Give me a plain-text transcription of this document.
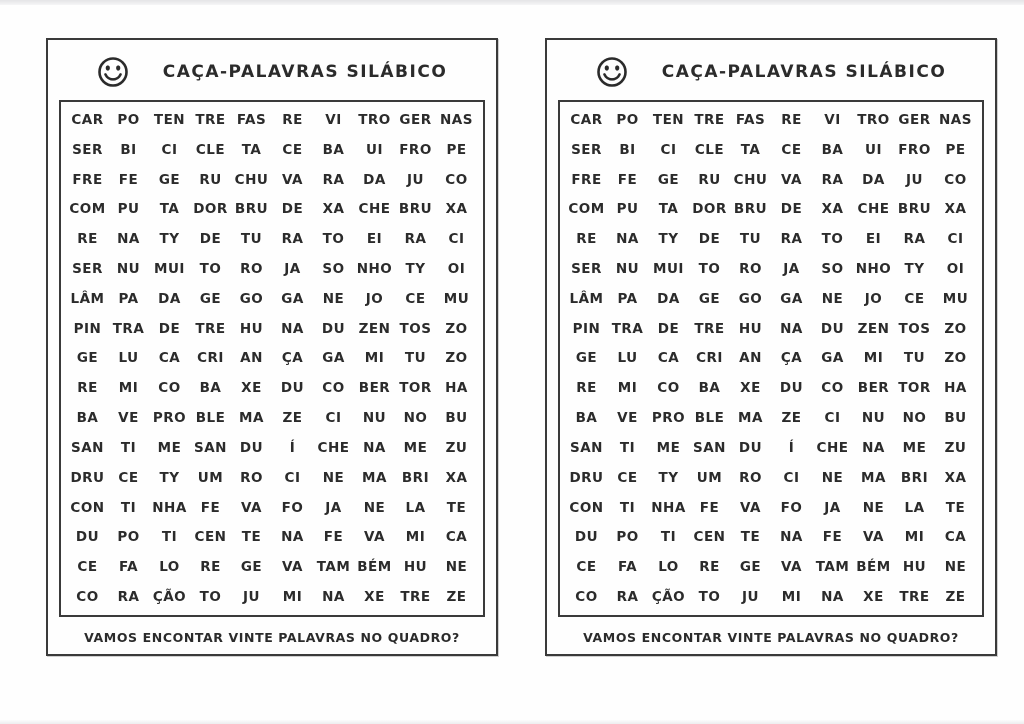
CAÇA-PALAVRAS SILÁBICO
CAR PO TEN TRE FAS RE VI TRO GER NAS
SER BI CI CLE TA CE BA UI FRO PE
FRE FE GE RU CHU VA RA DA JU CO
COM PU TA DOR BRU DE XA CHE BRU XA
RE NA TY DE TU RA TO EI RA CI
SER NU MUI TO RO JA SO NHO TY OI
LÂM PA DA GE GO GA NE JO CE MU
PIN TRA DE TRE HU NA DU ZEN TOS ZO
GE LU CA CRI AN ÇA GA MI TU ZO
RE MI CO BA XE DU CO BER TOR HA
BA VE PRO BLE MA ZE CI NU NO BU
SAN TI ME SAN DU Í CHE NA ME ZU
DRU CE TY UM RO CI NE MA BRI XA
CON TI NHA FE VA FO JA NE LA TE
DU PO TI CEN TE NA FE VA MI CA
CE FA LO RE GE VA TAM BÉM HU NE
CO RA ÇÃO TO JU MI NA XE TRE ZE
VAMOS ENCONTAR VINTE PALAVRAS NO QUADRO?
CAÇA-PALAVRAS SILÁBICO
CAR PO TEN TRE FAS RE VI TRO GER NAS
SER BI CI CLE TA CE BA UI FRO PE
FRE FE GE RU CHU VA RA DA JU CO
COM PU TA DOR BRU DE XA CHE BRU XA
RE NA TY DE TU RA TO EI RA CI
SER NU MUI TO RO JA SO NHO TY OI
LÂM PA DA GE GO GA NE JO CE MU
PIN TRA DE TRE HU NA DU ZEN TOS ZO
GE LU CA CRI AN ÇA GA MI TU ZO
RE MI CO BA XE DU CO BER TOR HA
BA VE PRO BLE MA ZE CI NU NO BU
SAN TI ME SAN DU Í CHE NA ME ZU
DRU CE TY UM RO CI NE MA BRI XA
CON TI NHA FE VA FO JA NE LA TE
DU PO TI CEN TE NA FE VA MI CA
CE FA LO RE GE VA TAM BÉM HU NE
CO RA ÇÃO TO JU MI NA XE TRE ZE
VAMOS ENCONTAR VINTE PALAVRAS NO QUADRO?
